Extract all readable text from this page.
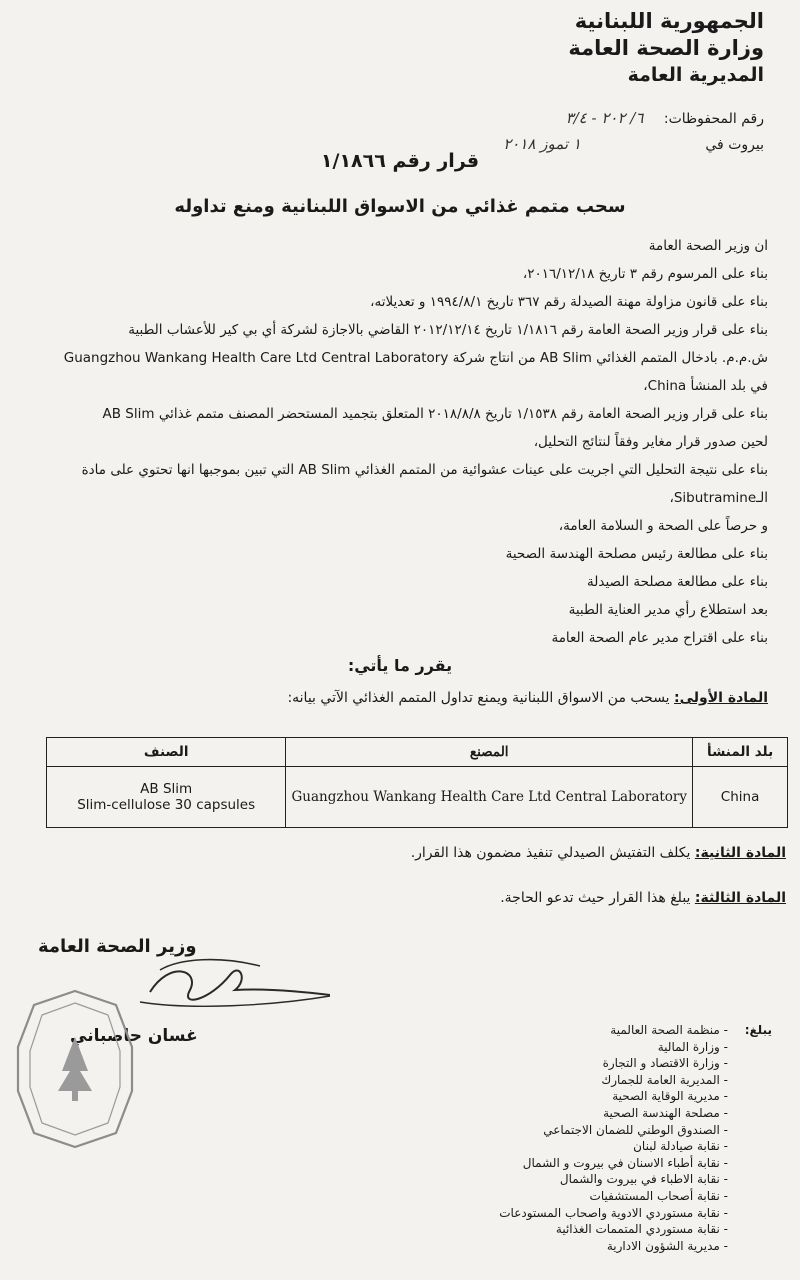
الجمهورية اللبنانية
وزارة الصحة العامة
المديرية العامة
رقم المحفوظات: ٦/ ٢٠٢ - ٣/٤
بيروت في ١ تموز ٢٠١٨
قرار رقم ١/١٨٦٦
سحب متمم غذائي من الاسواق اللبنانية ومنع تداوله

ان وزير الصحة العامة

بناء على المرسوم رقم ٣ تاريخ ٢٠١٦/١٢/١٨،

بناء على قانون مزاولة مهنة الصيدلة رقم ٣٦٧ تاريخ ١٩٩٤/٨/١ و تعديلاته،

بناء على قرار وزير الصحة العامة رقم ١/١٨١٦ تاريخ ٢٠١٢/١٢/١٤ القاضي بالاجازة لشركة أي بي كير للأعشاب الطبية

ش.م.م. بادخال المتمم الغذائي AB Slim من انتاج شركة Guangzhou Wankang Health Care Ltd Central Laboratory

في بلد المنشأ China،

بناء على قرار وزير الصحة العامة رقم ١/١٥٣٨ تاريخ ٢٠١٨/٨/٨ المتعلق بتجميد المستحضر المصنف متمم غذائي AB Slim

لحين صدور قرار مغاير وفقاً لنتائج التحليل،

بناء على نتيجة التحليل التي اجريت على عينات عشوائية من المتمم الغذائي AB Slim التي تبين بموجبها انها تحتوي على مادة

الـSibutramine،

و حرصاً على الصحة و السلامة العامة،

بناء على مطالعة رئيس مصلحة الهندسة الصحية

بناء على مطالعة مصلحة الصيدلة

بعد استطلاع رأي مدير العناية الطبية

بناء على اقتراح مدير عام الصحة العامة

يقرر ما يأتي:
المادة الأولى: يسحب من الاسواق اللبنانية ويمنع تداول المتمم الغذائي الآتي بيانه:
الصنف	المصنع	بلد المنشأ

AB Slim
Slim-cellulose 30 capsules	Guangzhou Wankang Health Care Ltd Central Laboratory	China
المادة الثانية: يكلف التفتيش الصيدلي تنفيذ مضمون هذا القرار.
المادة الثالثة: يبلغ هذا القرار حيث تدعو الحاجة.
وزير الصحة العامة
غسان حاصباني	يبلغ:
- منظمة الصحة العالمية
- وزارة المالية
- وزارة الاقتصاد و التجارة
- المديرية العامة للجمارك
- مديرية الوقاية الصحية
- مصلحة الهندسة الصحية
- الصندوق الوطني للضمان الاجتماعي
- نقابة صيادلة لبنان
- نقابة أطباء الاسنان في بيروت و الشمال
- نقابة الاطباء في بيروت والشمال
- نقابة أصحاب المستشفيات
- نقابة مستوردي الادوية واصحاب المستودعات
- نقابة مستوردي المتممات الغذائية
- مديرية الشؤون الادارية
